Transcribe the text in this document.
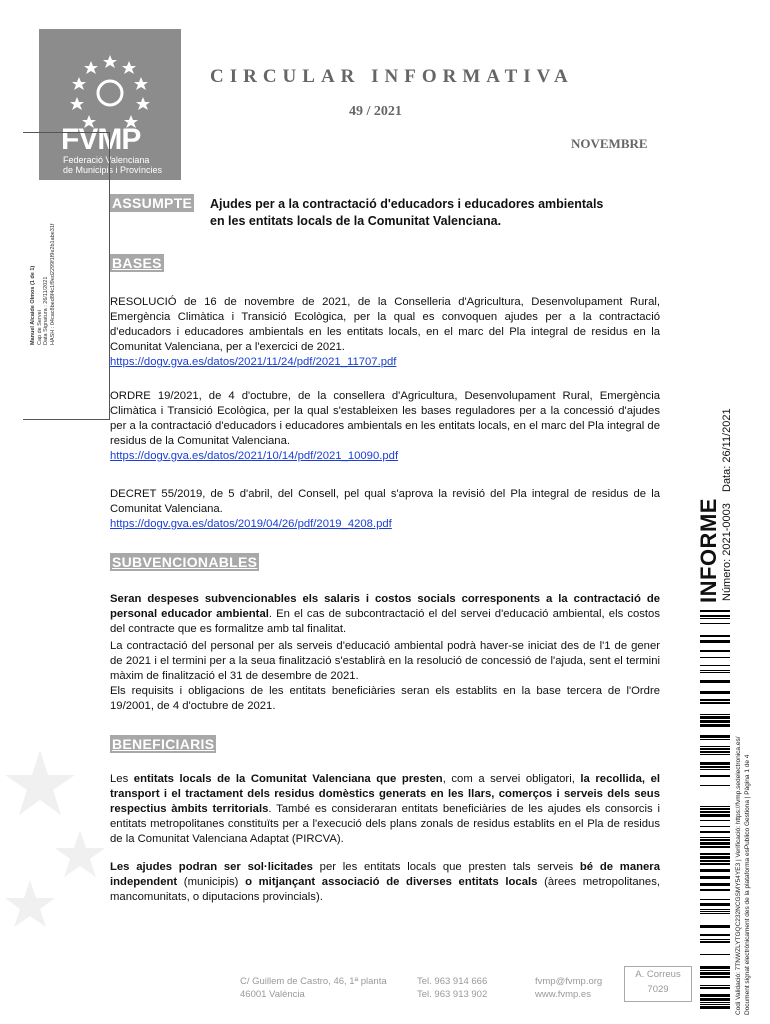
FVMP
Federació Valenciana
de Municipis i Províncies
Manuel Alcaide Olmos (1 de 1) Cap de Servei Data Signatura : 26/11/2021 HASH : 04cac8bed8f4c1f9ed2299f1f9e2b1abe31f
CIRCULAR INFORMATIVA
49 / 2021
NOVEMBRE
ASSUMPTE Ajudes per a la contractació d'educadors i educadores ambientals
en les entitats locals de la Comunitat Valenciana.
BASES
RESOLUCIÓ de 16 de novembre de 2021, de la Conselleria d'Agricultura, Desenvolupament Rural, Emergència Climàtica i Transició Ecològica, per la qual es convoquen ajudes per a la contractació d'educadors i educadores ambientals en les entitats locals, en el marc del Pla integral de residus en la Comunitat Valenciana, per a l'exercici de 2021.
https://dogv.gva.es/datos/2021/11/24/pdf/2021_11707.pdf
ORDRE 19/2021, de 4 d'octubre, de la consellera d'Agricultura, Desenvolupament Rural, Emergència Climàtica i Transició Ecològica, per la qual s'estableixen les bases reguladores per a la concessió d'ajudes per a la contractació d'educadors i educadores ambientals en les entitats locals, en el marc del Pla integral de residus de la Comunitat Valenciana.
https://dogv.gva.es/datos/2021/10/14/pdf/2021_10090.pdf
DECRET 55/2019, de 5 d'abril, del Consell, pel qual s'aprova la revisió del Pla integral de residus de la Comunitat Valenciana.
https://dogv.gva.es/datos/2019/04/26/pdf/2019_4208.pdf
SUBVENCIONABLES
Seran despeses subvencionables els salaris i costos socials corresponents a la contractació de personal educador ambiental. En el cas de subcontractació el del servei d'educació ambiental, els costos del contracte que es formalitze amb tal finalitat.
La contractació del personal per als serveis d'educació ambiental podrà haver-se iniciat des de l'1 de gener de 2021 i el termini per a la seua finalització s'establirà en la resolució de concessió de l'ajuda, sent el termini màxim de finalització el 31 de desembre de 2021.
Els requisits i obligacions de les entitats beneficiàries seran els establits en la base tercera de l'Ordre 19/2001, de 4 d'octubre de 2021.
BENEFICIARIS
Les entitats locals de la Comunitat Valenciana que presten, com a servei obligatori, la recollida, el transport i el tractament dels residus domèstics generats en les llars, comerços i serveis dels seus respectius àmbits territorials. També es consideraran entitats beneficiàries de les ajudes els consorcis i entitats metropolitanes constituïts per a l'execució dels plans zonals de residus establits en el Pla de residus de la Comunitat Valenciana Adaptat (PIRCVA).
Les ajudes podran ser sol·licitades per les entitats locals que presten tals serveis bé de manera independent (municipis) o mitjançant associació de diverses entitats locals (àrees metropolitanes, mancomunitats, o diputacions provincials).
C/ Guillem de Castro, 46, 1ª planta
46001 València
Tel. 963 914 666
Tel. 963 913 902
fvmp@fvmp.org
www.fvmp.es
A. Correus
7029
INFORME Número: 2021-0003
Data: 26/11/2021
Codi Validació: 7TNWZLYTGQC232NCGSMY54YE3 | Verificació: https://fvmp.sedelectronica.es/ Document signat electrònicament des de la plataforma esPublico Gestiona | Pàgina 1 de 4
